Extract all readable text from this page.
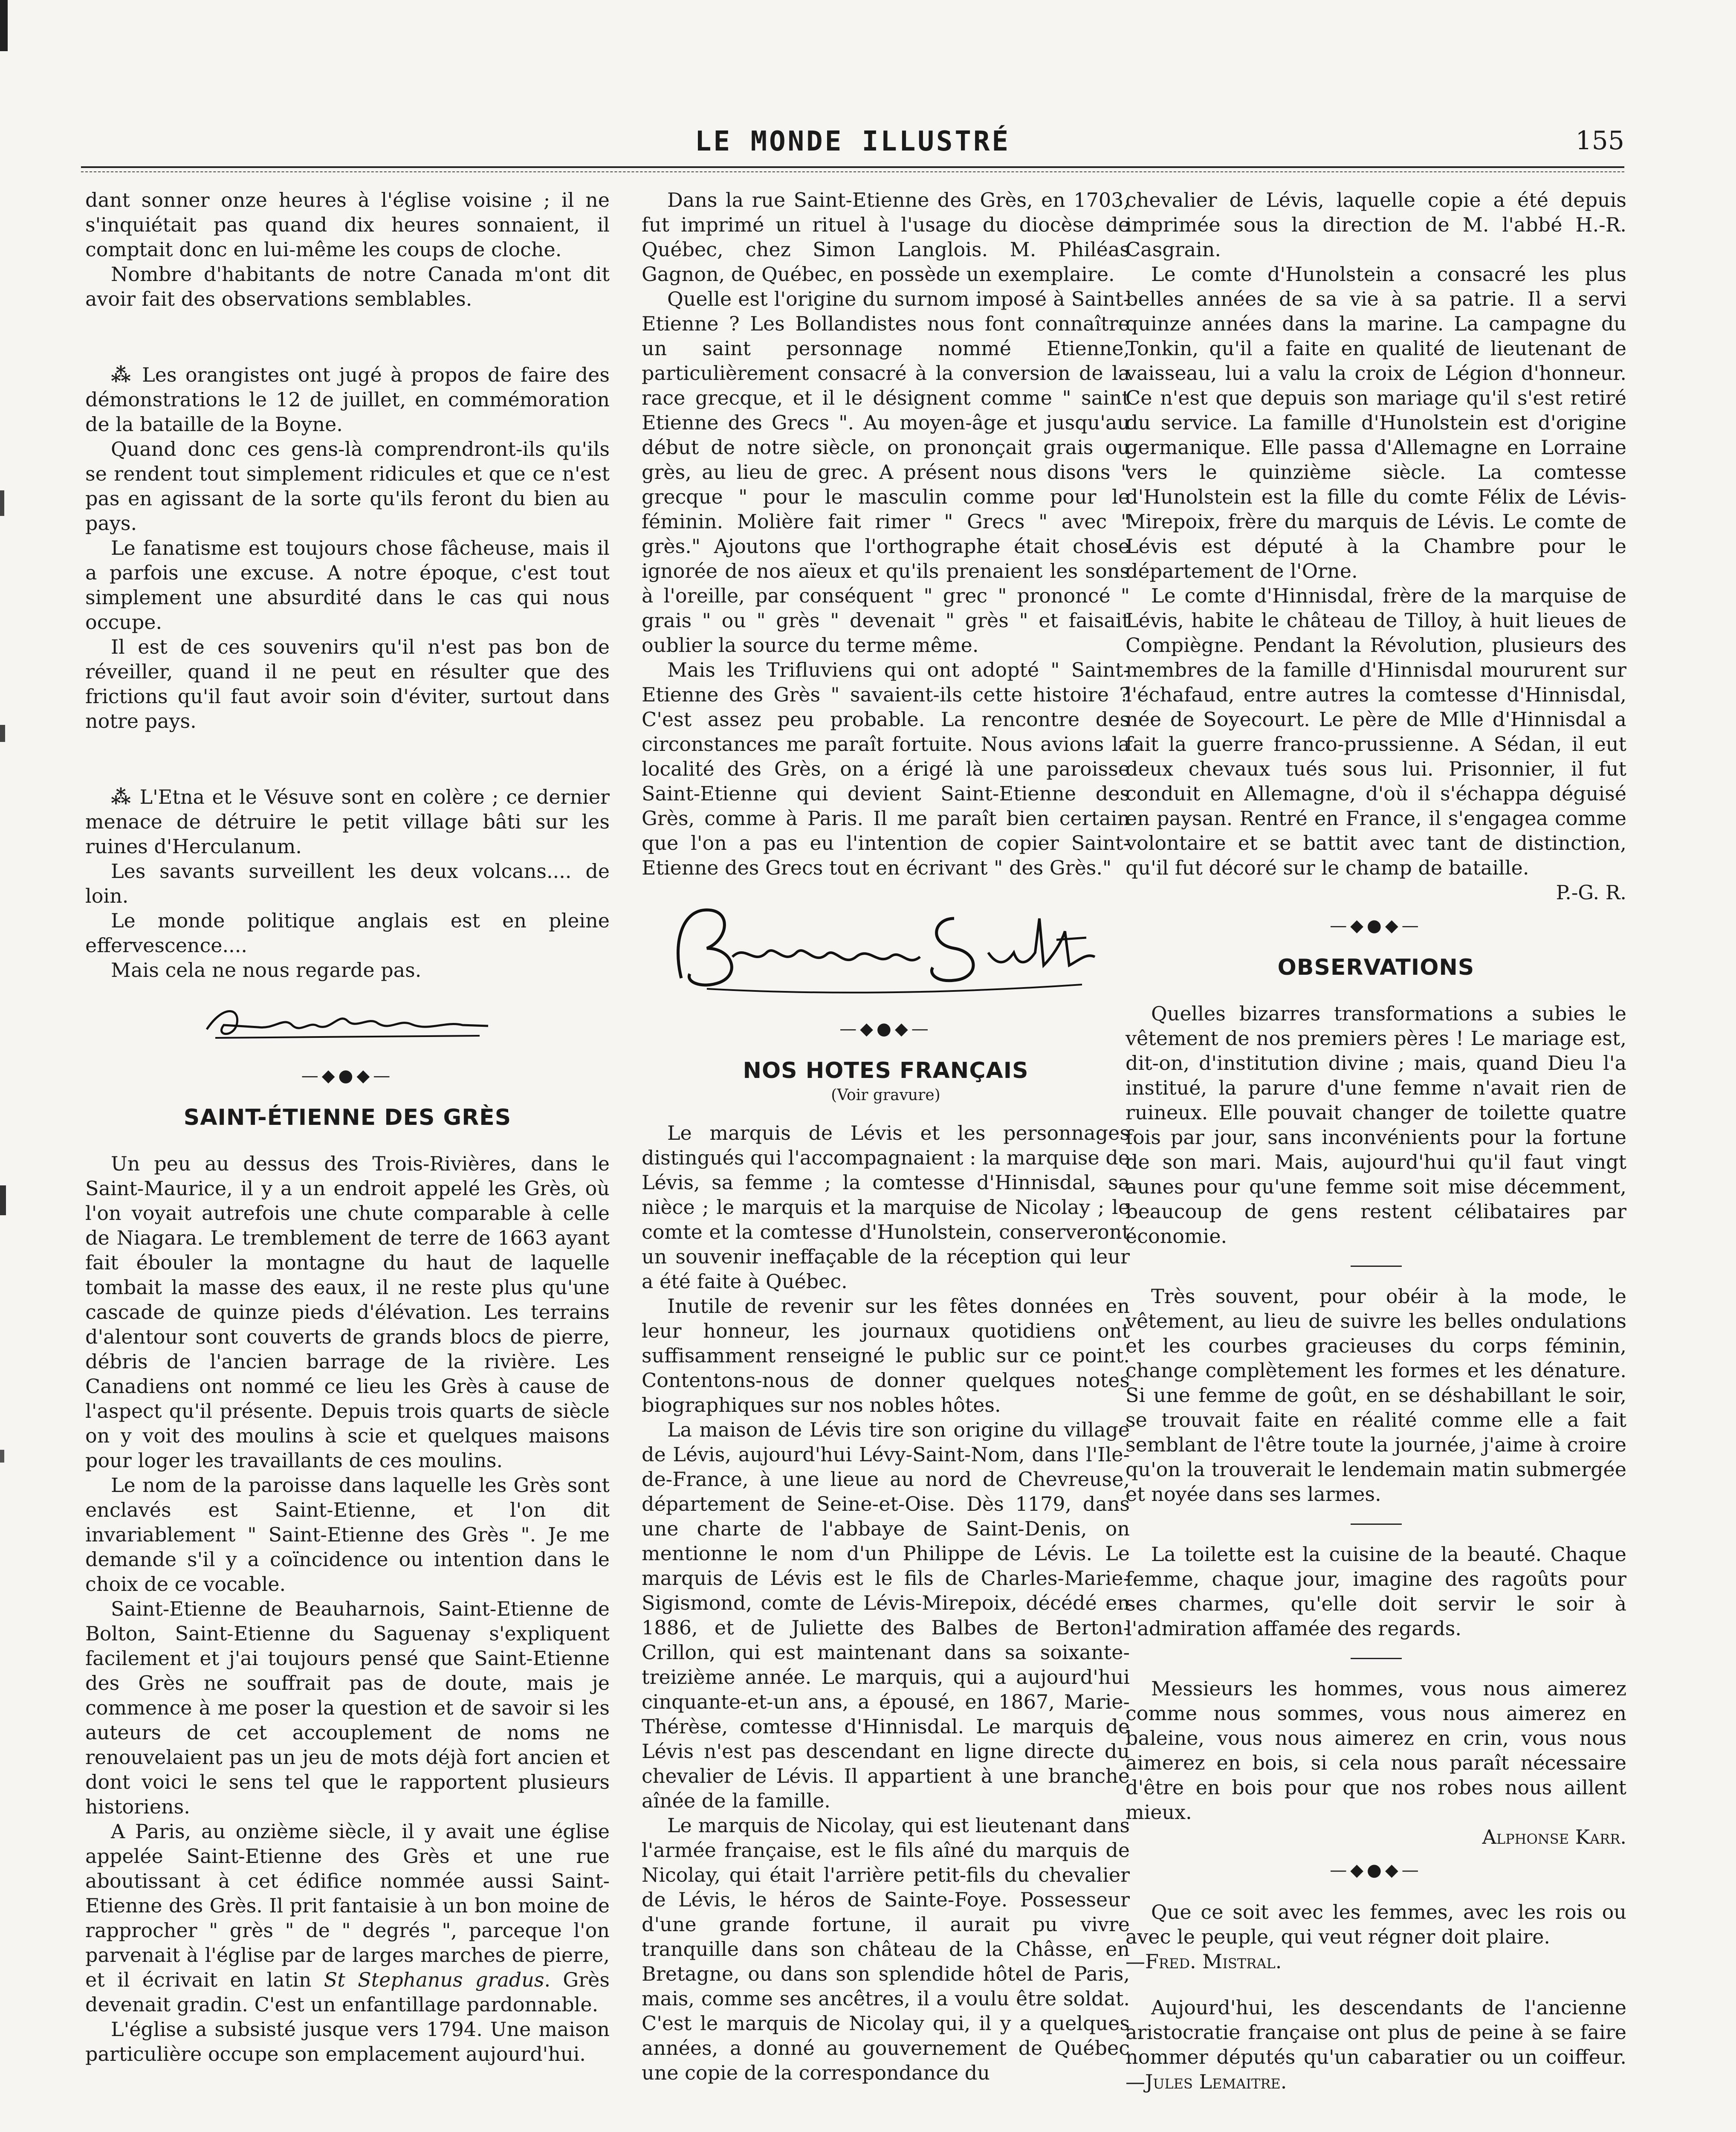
LE MONDE ILLUSTRÉ	155

dant sonner onze heures à l'église voisine ; il ne s'inquiétait pas quand dix heures sonnaient, il comptait donc en lui-même les coups de cloche.

Nombre d'habitants de notre Canada m'ont dit avoir fait des observations semblables.

⁂ Les orangistes ont jugé à propos de faire des démonstrations le 12 de juillet, en commémoration de la bataille de la Boyne.

Quand donc ces gens-là comprendront-ils qu'ils se rendent tout simplement ridicules et que ce n'est pas en agissant de la sorte qu'ils feront du bien au pays.

Le fanatisme est toujours chose fâcheuse, mais il a parfois une excuse. A notre époque, c'est tout simplement une absurdité dans le cas qui nous occupe.

Il est de ces souvenirs qu'il n'est pas bon de réveiller, quand il ne peut en résulter que des frictions qu'il faut avoir soin d'éviter, surtout dans notre pays.

⁂ L'Etna et le Vésuve sont en colère ; ce dernier menace de détruire le petit village bâti sur les ruines d'Herculanum.

Les savants surveillent les deux volcans.... de loin.

Le monde politique anglais est en pleine effervescence....

Mais cela ne nous regarde pas.

—◆●◆—
SAINT-ÉTIENNE DES GRÈS

Un peu au dessus des Trois-Rivières, dans le Saint-Maurice, il y a un endroit appelé les Grès, où l'on voyait autrefois une chute comparable à celle de Niagara. Le tremblement de terre de 1663 ayant fait ébouler la montagne du haut de laquelle tombait la masse des eaux, il ne reste plus qu'une cascade de quinze pieds d'élévation. Les terrains d'alentour sont couverts de grands blocs de pierre, débris de l'ancien barrage de la rivière. Les Canadiens ont nommé ce lieu les Grès à cause de l'aspect qu'il présente. Depuis trois quarts de siècle on y voit des moulins à scie et quelques maisons pour loger les travaillants de ces moulins.

Le nom de la paroisse dans laquelle les Grès sont enclavés est Saint-Etienne, et l'on dit invariablement " Saint-Etienne des Grès ". Je me demande s'il y a coïncidence ou intention dans le choix de ce vocable.

Saint-Etienne de Beauharnois, Saint-Etienne de Bolton, Saint-Etienne du Saguenay s'expliquent facilement et j'ai toujours pensé que Saint-Etienne des Grès ne souffrait pas de doute, mais je commence à me poser la question et de savoir si les auteurs de cet accouplement de noms ne renouvelaient pas un jeu de mots déjà fort ancien et dont voici le sens tel que le rapportent plusieurs historiens.

A Paris, au onzième siècle, il y avait une église appelée Saint-Etienne des Grès et une rue aboutissant à cet édifice nommée aussi Saint-Etienne des Grès. Il prit fantaisie à un bon moine de rapprocher " grès " de " degrés ", parceque l'on parvenait à l'église par de larges marches de pierre, et il écrivait en latin St Stephanus gradus. Grès devenait gradin. C'est un enfantillage pardonnable.

L'église a subsisté jusque vers 1794. Une maison particulière occupe son emplacement aujourd'hui.

Dans la rue Saint-Etienne des Grès, en 1703, fut imprimé un rituel à l'usage du diocèse de Québec, chez Simon Langlois. M. Philéas Gagnon, de Québec, en possède un exemplaire.

Quelle est l'origine du surnom imposé à Saint-Etienne ? Les Bollandistes nous font connaître un saint personnage nommé Etienne, particulièrement consacré à la conversion de la race grecque, et il le désignent comme " saint Etienne des Grecs ". Au moyen-âge et jusqu'au début de notre siècle, on prononçait grais ou grès, au lieu de grec. A présent nous disons " grecque " pour le masculin comme pour le féminin. Molière fait rimer " Grecs " avec " grès." Ajoutons que l'orthographe était chose ignorée de nos aïeux et qu'ils prenaient les sons à l'oreille, par conséquent " grec " prononcé " grais " ou " grès " devenait " grès " et faisait oublier la source du terme même.

Mais les Trifluviens qui ont adopté " Saint-Etienne des Grès " savaient-ils cette histoire ? C'est assez peu probable. La rencontre des circonstances me paraît fortuite. Nous avions la localité des Grès, on a érigé là une paroisse Saint-Etienne qui devient Saint-Etienne des Grès, comme à Paris. Il me paraît bien certain que l'on a pas eu l'intention de copier Saint-Etienne des Grecs tout en écrivant " des Grès."

—◆●◆—
NOS HOTES FRANÇAIS
(Voir gravure)

Le marquis de Lévis et les personnages distingués qui l'accompagnaient : la marquise de Lévis, sa femme ; la comtesse d'Hinnisdal, sa nièce ; le marquis et la marquise de Nicolay ; le comte et la comtesse d'Hunolstein, conserveront un souvenir ineffaçable de la réception qui leur a été faite à Québec.

Inutile de revenir sur les fêtes données en leur honneur, les journaux quotidiens ont suffisamment renseigné le public sur ce point. Contentons-nous de donner quelques notes biographiques sur nos nobles hôtes.

La maison de Lévis tire son origine du village de Lévis, aujourd'hui Lévy-Saint-Nom, dans l'Ile-de-France, à une lieue au nord de Chevreuse, département de Seine-et-Oise. Dès 1179, dans une charte de l'abbaye de Saint-Denis, on mentionne le nom d'un Philippe de Lévis. Le marquis de Lévis est le fils de Charles-Marie-Sigismond, comte de Lévis-Mirepoix, décédé en 1886, et de Juliette des Balbes de Berton-Crillon, qui est maintenant dans sa soixante-treizième année. Le marquis, qui a aujourd'hui cinquante-et-un ans, a épousé, en 1867, Marie-Thérèse, comtesse d'Hinnisdal. Le marquis de Lévis n'est pas descendant en ligne directe du chevalier de Lévis. Il appartient à une branche aînée de la famille.

Le marquis de Nicolay, qui est lieutenant dans l'armée française, est le fils aîné du marquis de Nicolay, qui était l'arrière petit-fils du chevalier de Lévis, le héros de Sainte-Foye. Possesseur d'une grande fortune, il aurait pu vivre tranquille dans son château de la Châsse, en Bretagne, ou dans son splendide hôtel de Paris, mais, comme ses ancêtres, il a voulu être soldat. C'est le marquis de Nicolay qui, il y a quelques années, a donné au gouvernement de Québec une copie de la correspondance du

chevalier de Lévis, laquelle copie a été depuis imprimée sous la direction de M. l'abbé H.-R. Casgrain.

Le comte d'Hunolstein a consacré les plus belles années de sa vie à sa patrie. Il a servi quinze années dans la marine. La campagne du Tonkin, qu'il a faite en qualité de lieutenant de vaisseau, lui a valu la croix de Légion d'honneur. Ce n'est que depuis son mariage qu'il s'est retiré du service. La famille d'Hunolstein est d'origine germanique. Elle passa d'Allemagne en Lorraine vers le quinzième siècle. La comtesse d'Hunolstein est la fille du comte Félix de Lévis-Mirepoix, frère du marquis de Lévis. Le comte de Lévis est député à la Chambre pour le département de l'Orne.

Le comte d'Hinnisdal, frère de la marquise de Lévis, habite le château de Tilloy, à huit lieues de Compiègne. Pendant la Révolution, plusieurs des membres de la famille d'Hinnisdal moururent sur l'échafaud, entre autres la comtesse d'Hinnisdal, née de Soyecourt. Le père de Mlle d'Hinnisdal a fait la guerre franco-prussienne. A Sédan, il eut deux chevaux tués sous lui. Prisonnier, il fut conduit en Allemagne, d'où il s'échappa déguisé en paysan. Rentré en France, il s'engagea comme volontaire et se battit avec tant de distinction, qu'il fut décoré sur le champ de bataille.

P.-G. R.

—◆●◆—
OBSERVATIONS

Quelles bizarres transformations a subies le vêtement de nos premiers pères ! Le mariage est, dit-on, d'institution divine ; mais, quand Dieu l'a institué, la parure d'une femme n'avait rien de ruineux. Elle pouvait changer de toilette quatre fois par jour, sans inconvénients pour la fortune de son mari. Mais, aujourd'hui qu'il faut vingt aunes pour qu'une femme soit mise décemment, beaucoup de gens restent célibataires par économie.

Très souvent, pour obéir à la mode, le vêtement, au lieu de suivre les belles ondulations et les courbes gracieuses du corps féminin, change complètement les formes et les dénature. Si une femme de goût, en se déshabillant le soir, se trouvait faite en réalité comme elle a fait semblant de l'être toute la journée, j'aime à croire qu'on la trouverait le lendemain matin submergée et noyée dans ses larmes.

La toilette est la cuisine de la beauté. Chaque femme, chaque jour, imagine des ragoûts pour ses charmes, qu'elle doit servir le soir à l'admiration affamée des regards.

Messieurs les hommes, vous nous aimerez comme nous sommes, vous nous aimerez en baleine, vous nous aimerez en crin, vous nous aimerez en bois, si cela nous paraît nécessaire d'être en bois pour que nos robes nous aillent mieux.

Alphonse Karr.

—◆●◆—

Que ce soit avec les femmes, avec les rois ou avec le peuple, qui veut régner doit plaire.

—Fred. Mistral.

Aujourd'hui, les descendants de l'ancienne aristocratie française ont plus de peine à se faire nommer députés qu'un cabaratier ou un coiffeur.—Jules Lemaitre.
